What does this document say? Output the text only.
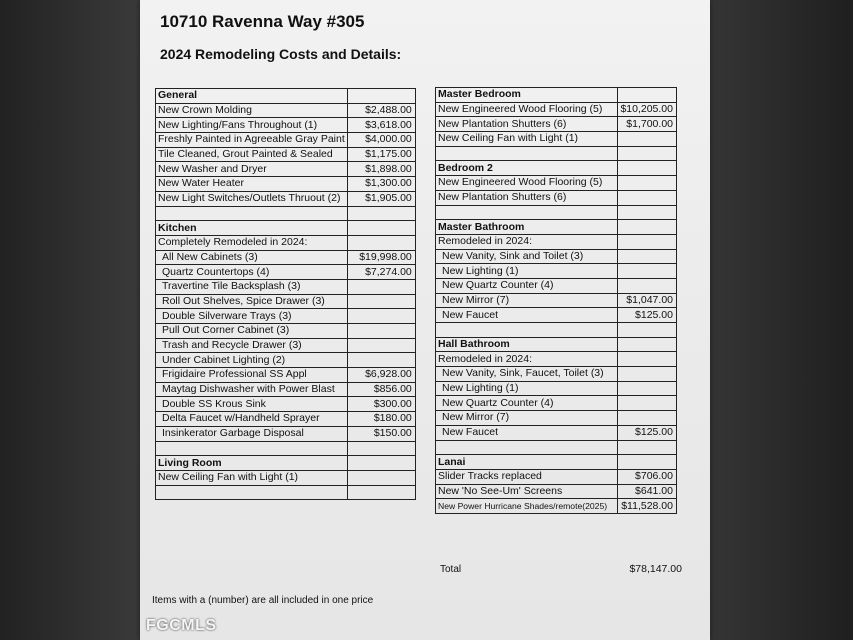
10710 Ravenna Way #305
2024 Remodeling Costs and Details:
General	
New Crown Molding	$2,488.00
New Lighting/Fans Throughout (1)	$3,618.00
Freshly Painted in Agreeable Gray Paint	$4,000.00
Tile Cleaned, Grout Painted & Sealed	$1,175.00
New Washer and Dryer	$1,898.00
New Water Heater	$1,300.00
New Light Switches/Outlets Thruout (2)	$1,905.00

Kitchen	
Completely Remodeled in 2024:	
All New Cabinets (3)	$19,998.00
Quartz Countertops (4)	$7,274.00
Travertine Tile Backsplash (3)	
Roll Out Shelves, Spice Drawer (3)	
Double Silverware Trays (3)	
Pull Out Corner Cabinet (3)	
Trash and Recycle Drawer (3)	
Under Cabinet Lighting (2)	
Frigidaire Professional SS Appl	$6,928.00
Maytag Dishwasher with Power Blast	$856.00
Double SS Krous Sink	$300.00
Delta Faucet w/Handheld Sprayer	$180.00
Insinkerator Garbage Disposal	$150.00

Living Room	
New Ceiling Fan with Light (1)	

Master Bedroom	
New Engineered Wood Flooring (5)	$10,205.00
New Plantation Shutters (6)	$1,700.00
New Ceiling Fan with Light (1)	

Bedroom 2	
New Engineered Wood Flooring (5)	
New Plantation Shutters (6)	

Master Bathroom	
Remodeled in 2024:	
New Vanity, Sink and Toilet (3)	
New Lighting (1)	
New Quartz Counter (4)	
New Mirror (7)	$1,047.00
New Faucet	$125.00

Hall Bathroom	
Remodeled in 2024:	
New Vanity, Sink, Faucet, Toilet (3)	
New Lighting (1)	
New Quartz Counter (4)	
New Mirror (7)	
New Faucet	$125.00

Lanai	
Slider Tracks replaced	$706.00
New 'No See-Um' Screens	$641.00
New Power Hurricane Shades/remote(2025)	$11,528.00
Total	$78,147.00
Items with a (number) are all included in one price
FGCMLS
